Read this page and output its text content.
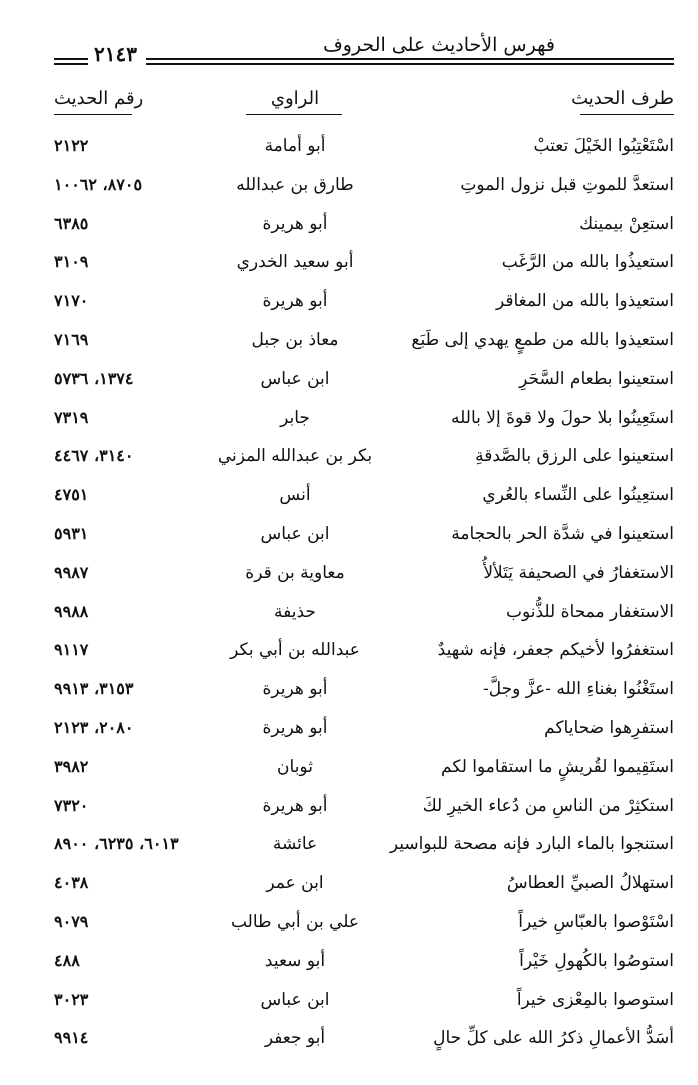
فهرس الأحاديث على الحروف
٢١٤٣
طرف الحديث
الراوي
رقم الحديث
اسْتَعْتِبُوا الخَيْلَ تعتبْ
أبو أمامة
٢١٢٢
استعدَّ للموتِ قبل نزول الموتِ
طارق بن عبدالله
٨٧٠٥، ١٠٠٦٢
استعِنْ بيمينك
أبو هريرة
٦٣٨٥
استعيذُوا بالله من الرَّغَب
أبو سعيد الخدري
٣١٠٩
استعيذوا بالله من المغاقر
أبو هريرة
٧١٧٠
استعيذوا بالله من طمعٍ يهدي إلى طَبَع
معاذ بن جبل
٧١٦٩
استعينوا بطعام السَّحَرِ
ابن عباس
١٣٧٤، ٥٧٣٦
استَعِينُوا بلا حولَ ولا قوةَ إلا بالله
جابر
٧٣١٩
استعينوا على الرزق بالصَّدقةِ
بكر بن عبدالله المزني
٣١٤٠، ٤٤٦٧
استعِينُوا على النِّساء بالعُري
أنس
٤٧٥١
استعينوا في شدَّة الحر بالحجامة
ابن عباس
٥٩٣١
الاستغفارُ في الصحيفة يَتَلألأُ
معاوية بن قرة
٩٩٨٧
الاستغفار ممحاة للذُّنوب
حذيفة
٩٩٨٨
استغفرُوا لأخيكم جعفر، فإنه شهيدٌ
عبدالله بن أبي بكر
٩١١٧
استَغْنُوا بغناءِ الله -عزَّ وجلَّ-
أبو هريرة
٣١٥٣، ٩٩١٣
استفرِهوا ضحاياكم
أبو هريرة
٢٠٨٠، ٢١٢٣
استَقِيموا لقُريشٍ ما استقاموا لكم
ثوبان
٣٩٨٢
استكثِرْ من الناسِ من دُعاء الخيرِ لكَ
أبو هريرة
٧٣٢٠
استنجوا بالماء البارد فإنه مصحة للبواسير
عائشة
٦٠١٣، ٦٢٣٥، ٨٩٠٠
استهلالُ الصبيِّ العطاسُ
ابن عمر
٤٠٣٨
اسْتَوْصوا بالعبّاسِ خيراً
علي بن أبي طالب
٩٠٧٩
استوصُوا بالكُهولِ خَيْراً
أبو سعيد
٤٨٨
استوصوا بالمِعْزى خيراً
ابن عباس
٣٠٢٣
أسَدُّ الأعمالِ ذكرُ الله على كلِّ حالٍ
أبو جعفر
٩٩١٤
